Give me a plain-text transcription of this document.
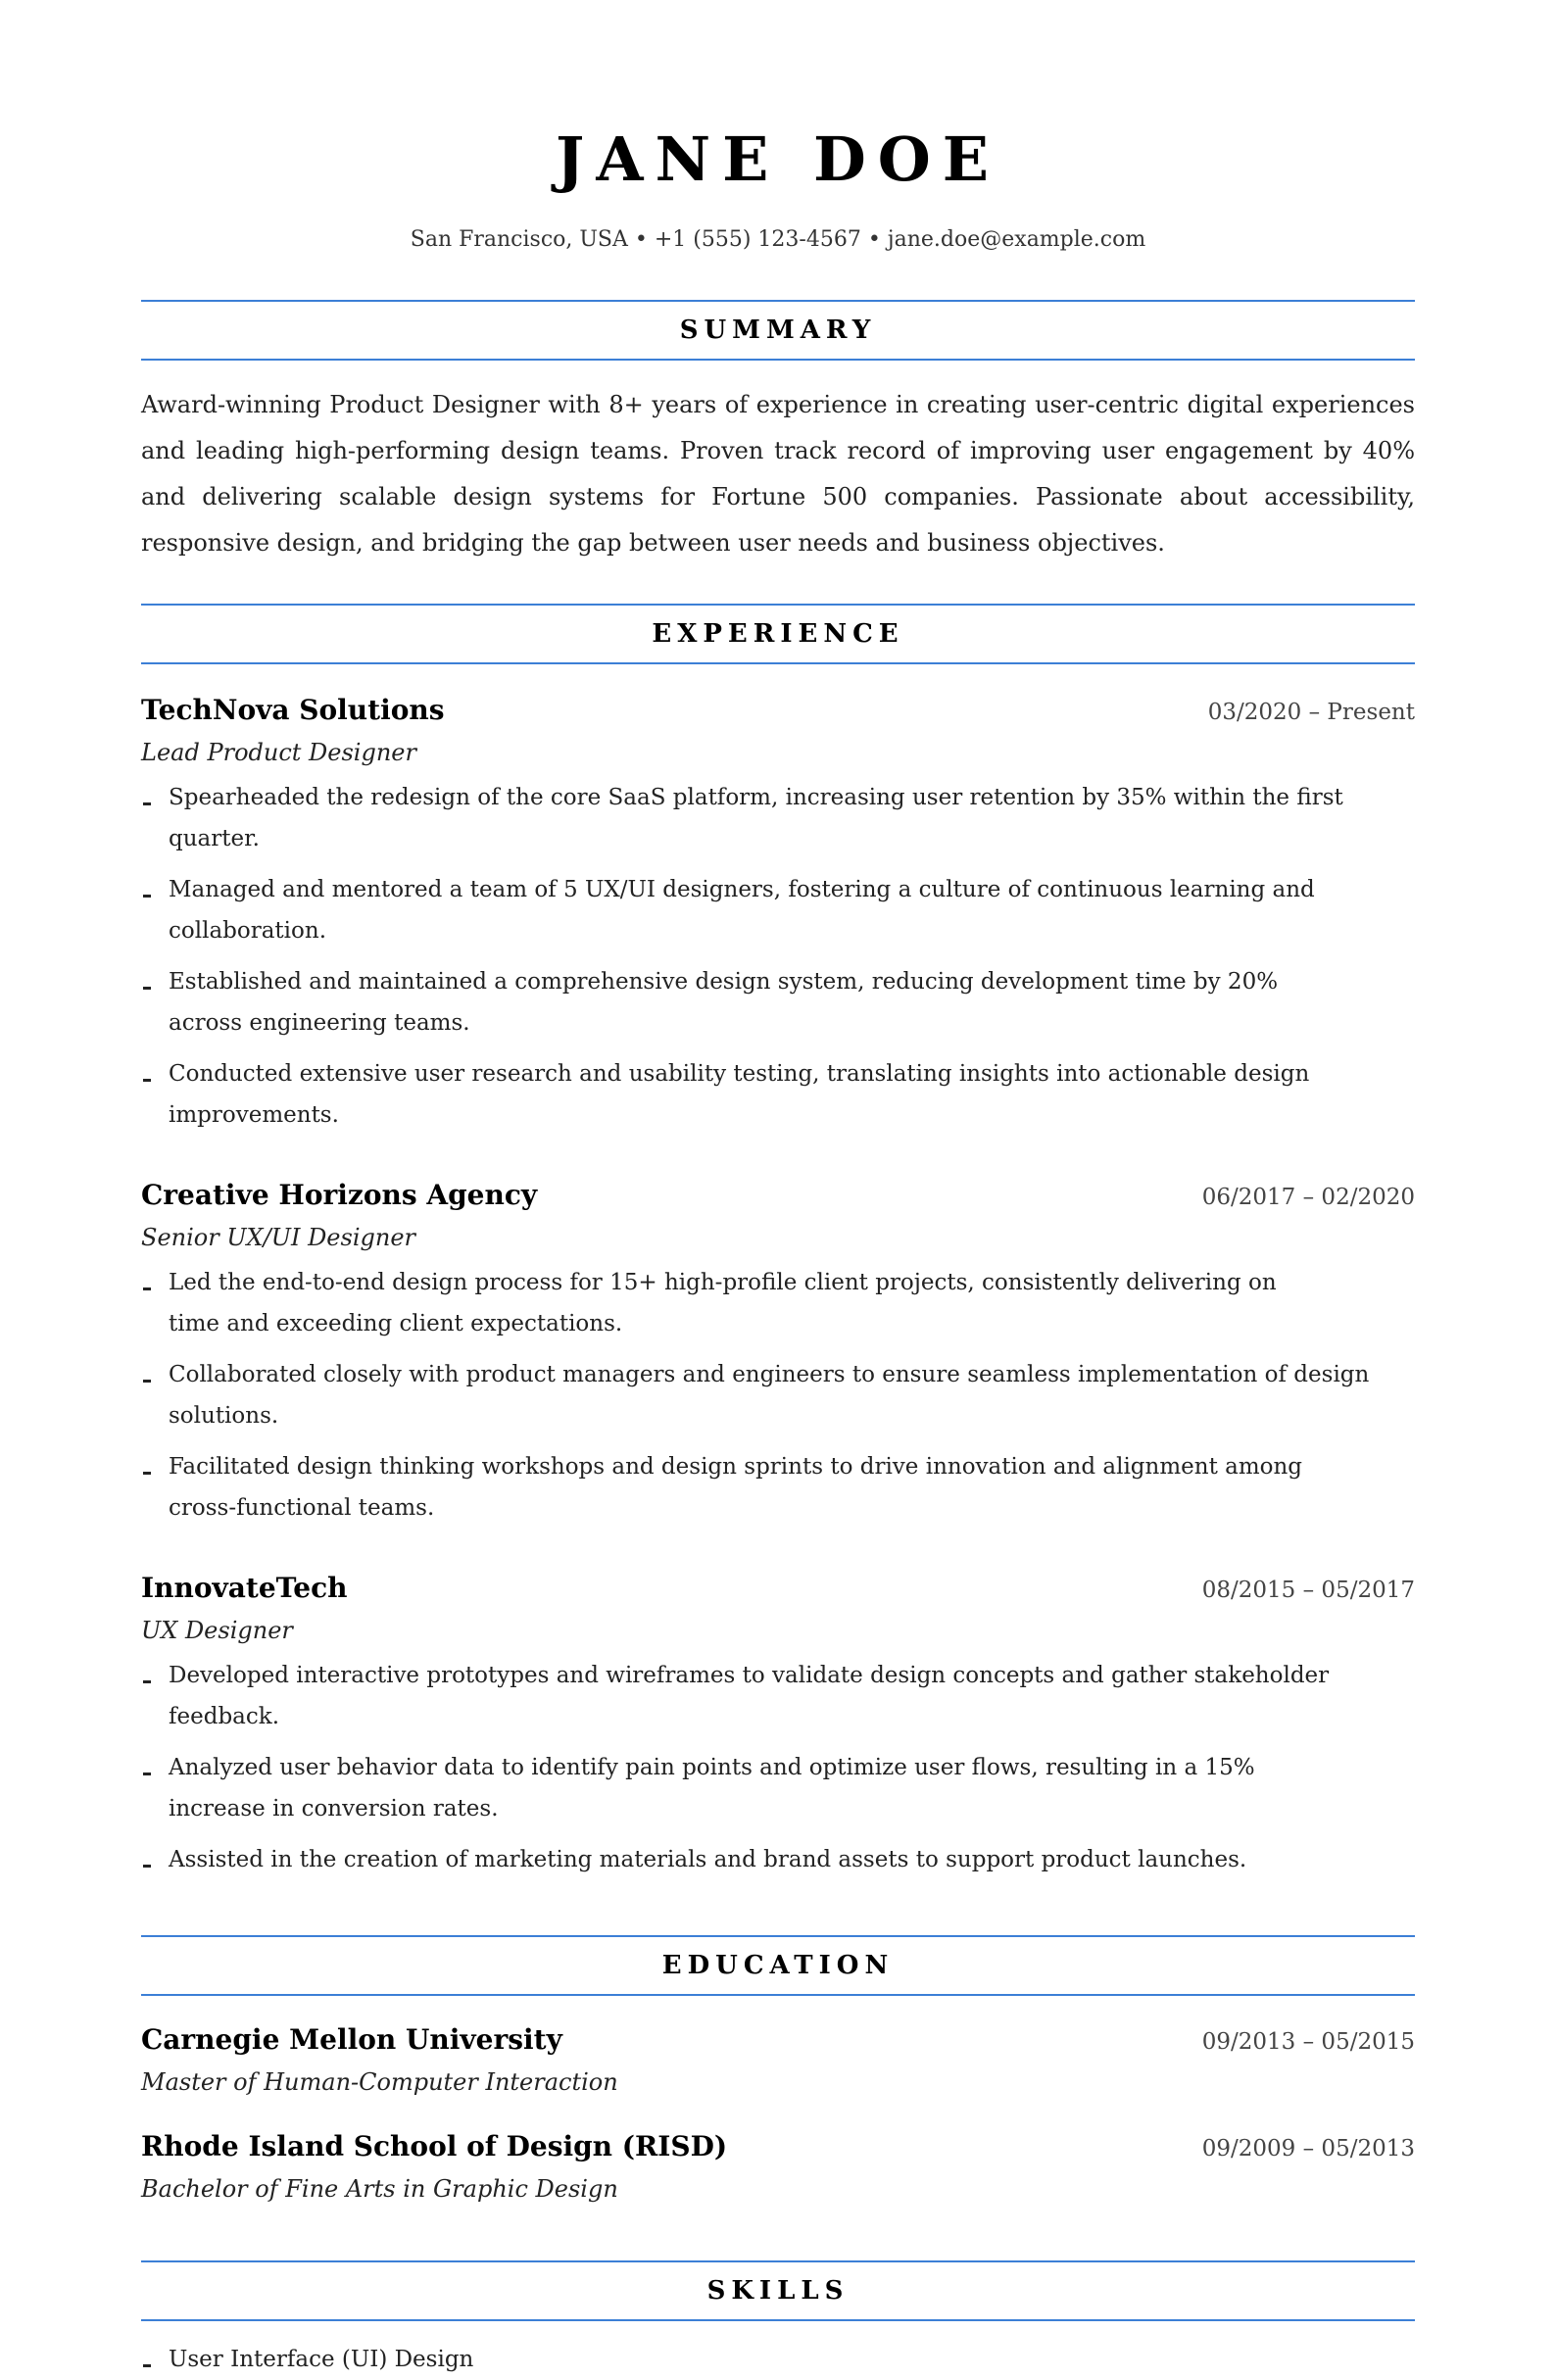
JANE DOE
San Francisco, USA • +1 (555) 123-4567 • jane.doe@example.com
SUMMARY

Award-winning Product Designer with 8+ years of experience in creating user-centric digital experiences and leading high-performing design teams. Proven track record of improving user engagement by 40% and delivering scalable design systems for Fortune 500 companies. Passionate about accessibility, responsive design, and bridging the gap between user needs and business objectives.

EXPERIENCE
TechNova Solutions	03/2020 – Present
Lead Product Designer
Spearheaded the redesign of the core SaaS platform, increasing user retention by 35% within the first quarter.
Managed and mentored a team of 5 UX/UI designers, fostering a culture of continuous learning and collaboration.
Established and maintained a comprehensive design system, reducing development time by 20% across engineering teams.
Conducted extensive user research and usability testing, translating insights into actionable design improvements.
Creative Horizons Agency	06/2017 – 02/2020
Senior UX/UI Designer
Led the end-to-end design process for 15+ high-profile client projects, consistently delivering on time and exceeding client expectations.
Collaborated closely with product managers and engineers to ensure seamless implementation of design solutions.
Facilitated design thinking workshops and design sprints to drive innovation and alignment among cross-functional teams.
InnovateTech	08/2015 – 05/2017
UX Designer
Developed interactive prototypes and wireframes to validate design concepts and gather stakeholder feedback.
Analyzed user behavior data to identify pain points and optimize user flows, resulting in a 15% increase in conversion rates.
Assisted in the creation of marketing materials and brand assets to support product launches.
EDUCATION
Carnegie Mellon University	09/2013 – 05/2015
Master of Human-Computer Interaction
Rhode Island School of Design (RISD)	09/2009 – 05/2013
Bachelor of Fine Arts in Graphic Design
SKILLS
User Interface (UI) Design
